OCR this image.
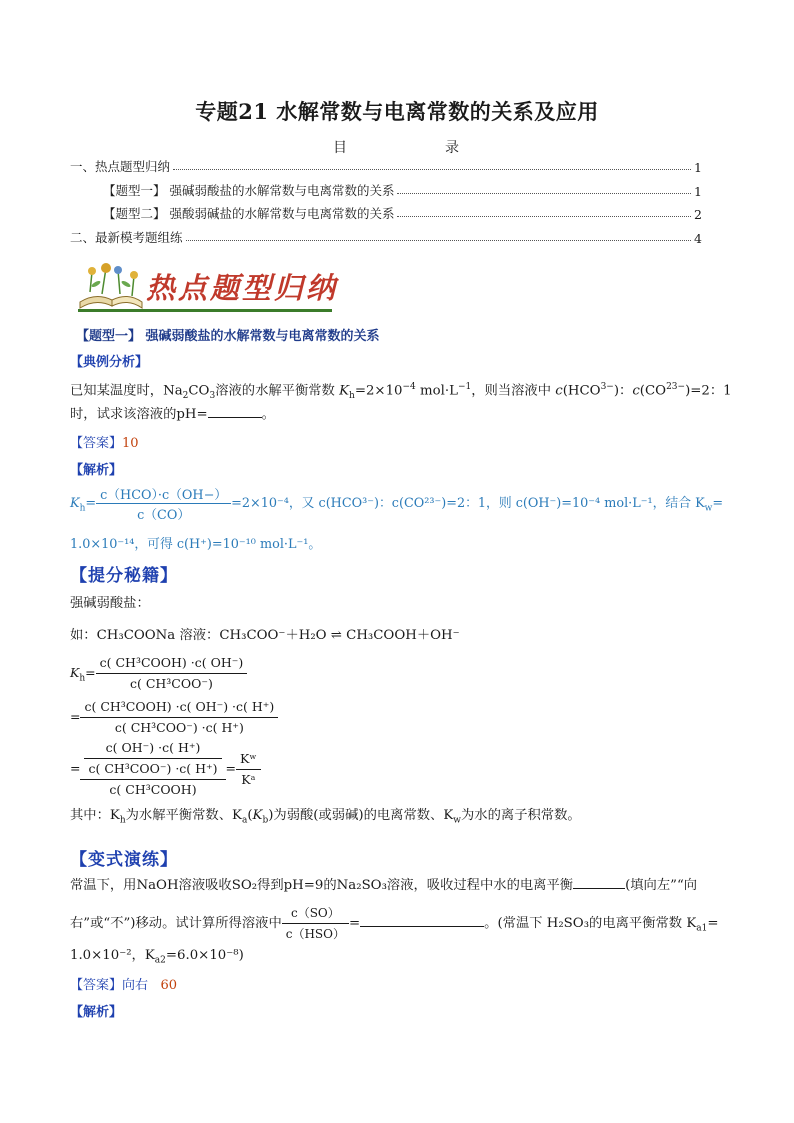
专题21 水解常数与电离常数的关系及应用
目	录
一、热点题型归纳	1
【题型一】 强碱弱酸盐的水解常数与电离常数的关系	1
【题型二】 强酸弱碱盐的水解常数与电离常数的关系	2
二、最新模考题组练	4
热点题型归纳
【题型一】 强碱弱酸盐的水解常数与电离常数的关系
【典例分析】
已知某温度时，$Na_2CO_3$溶液的水解平衡常数 $K_h=2\times 10^{-4}$ $mol\cdot L^{-1}$，则当溶液中 $c(HCO^{3-})$：$c(CO^{23-})=2$：1
时，试求该溶液的pH=	。
【答案】10
【解析】
$K_h= \frac{\text{c（HCO）·c（OH−）}}{c(CO)} =2\times 10^{-4}$，又 c(HCO³⁻)：c(CO²³⁻)=2：1，则 c(OH⁻)=10⁻⁴ mol·L⁻¹，结合 $K_w=$
1.0×10⁻¹⁴，可得 c(H⁺)=10⁻¹⁰ mol·L⁻¹。
【提分秘籍】
强碱弱酸盐：
如：CH₃COONa 溶液：CH₃COO⁻＋H₂O ⇌ CH₃COOH＋OH⁻
$K_h= \frac{\text{c( CH³COOH) ·c( OH⁻)}}{\text{c( CH³COO⁻)}}$
= $\frac{\text{c( CH³COOH) ·c( OH⁻) ·c( H⁺)}}{\text{c( CH³COO⁻) ·c( H⁺)}}$
= $\frac{\frac{c( OH^-) \cdot c( H^+)}{\text{c( CH³COO⁻) ·c( H⁺)}}}{\text{c( CH³COOH)}} = \frac{\text{Kʷ}}{\text{Kᵃ}}$
其中：$K_h$为水解平衡常数、$K_a(K_b)$为弱酸(或弱碱)的电离常数、$K_w$为水的离子积常数。
【变式演练】
常温下，用NaOH溶液吸收SO₂得到pH=9的Na₂SO₃溶液，吸收过程中水的电离平衡	(填向左”“向
右”或“不”)移动。试计算所得溶液中 $\frac{c(SO)}{\text{c（HSO）}}$ =	。(常温下 H₂SO₃的电离平衡常数 $K_{a1}=$
1.0×10⁻²，$K_{a2}=6.0\times 10^{-8}$)
【答案】向右 60
【解析】
